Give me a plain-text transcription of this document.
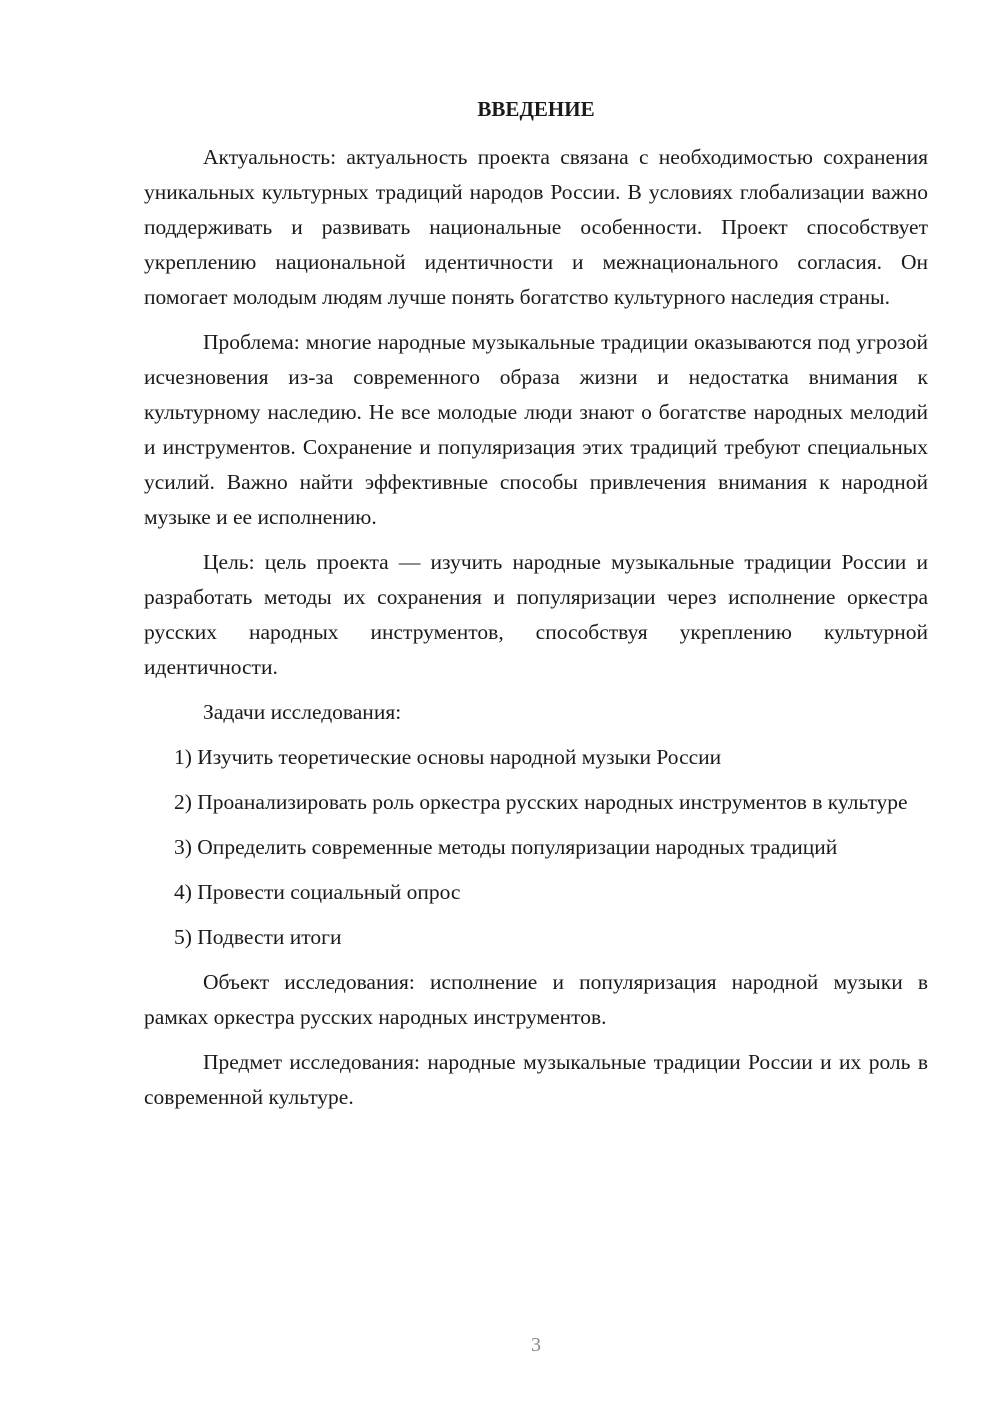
ВВЕДЕНИЕ

Актуальность: актуальность проекта связана с необходимостью сохранения уникальных культурных традиций народов России. В условиях глобализации важно поддерживать и развивать национальные особенности. Проект способствует укреплению национальной идентичности и межнационального согласия. Он помогает молодым людям лучше понять богатство культурного наследия страны.

Проблема: многие народные музыкальные традиции оказываются под угрозой исчезновения из-за современного образа жизни и недостатка внимания к культурному наследию. Не все молодые люди знают о богатстве народных мелодий и инструментов. Сохранение и популяризация этих традиций требуют специальных усилий. Важно найти эффективные способы привлечения внимания к народной музыке и ее исполнению.

Цель: цель проекта — изучить народные музыкальные традиции России и разработать методы их сохранения и популяризации через исполнение оркестра русских народных инструментов, способствуя укреплению культурной идентичности.

Задачи исследования:

1) Изучить теоретические основы народной музыки России

2) Проанализировать роль оркестра русских народных инструментов в культуре

3) Определить современные методы популяризации народных традиций

4) Провести социальный опрос

5) Подвести итоги

Объект исследования: исполнение и популяризация народной музыки в рамках оркестра русских народных инструментов.

Предмет исследования: народные музыкальные традиции России и их роль в современной культуре.

3
